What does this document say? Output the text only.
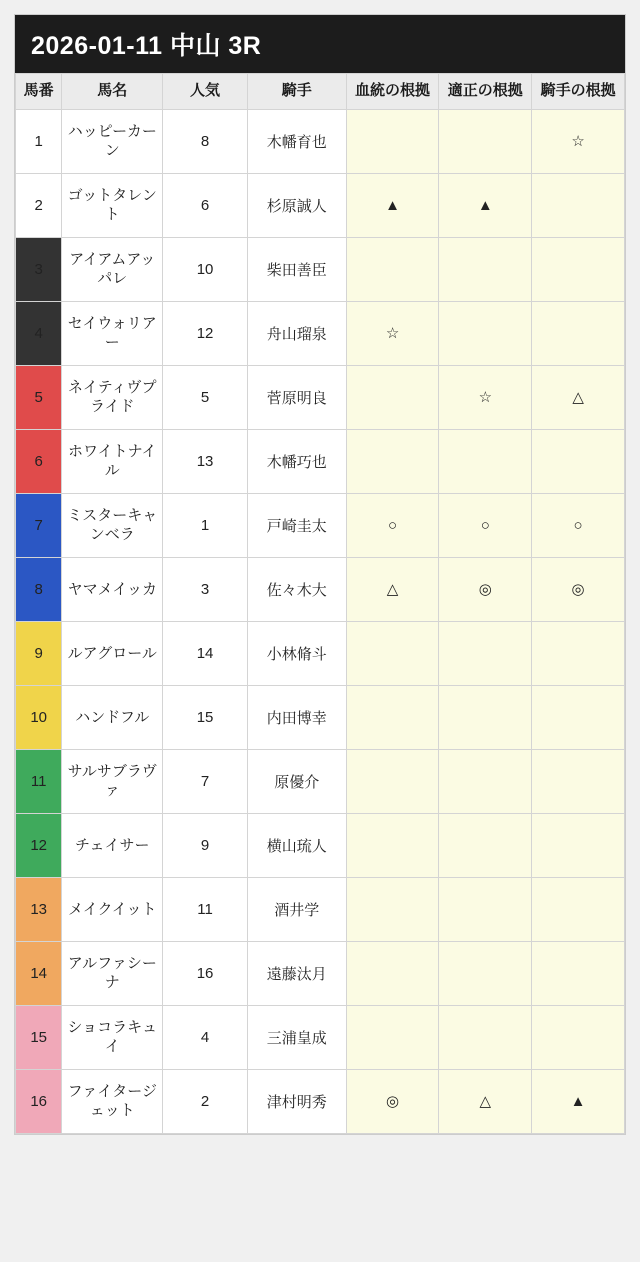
2026-01-11 中山 3R
馬番	馬名	人気	騎手	血統の根拠	適正の根拠	騎手の根拠
1	ハッピーカーン	8	木幡育也			☆
2	ゴットタレント	6	杉原誠人	▲	▲	
3	アイアムアッパレ	10	柴田善臣			
4	セイウォリアー	12	舟山瑠泉	☆		
5	ネイティヴプライド	5	菅原明良		☆	△
6	ホワイトナイル	13	木幡巧也			
7	ミスターキャンベラ	1	戸崎圭太	○	○	○
8	ヤマメイッカ	3	佐々木大	△	◎	◎
9	ルアグロール	14	小林脩斗			
10	ハンドフル	15	内田博幸			
11	サルサブラヴァ	7	原優介			
12	チェイサー	9	横山琉人			
13	メイクイット	11	酒井学			
14	アルファシーナ	16	遠藤汰月			
15	ショコラキュイ	4	三浦皇成			
16	ファイタージェット	2	津村明秀	◎	△	▲
